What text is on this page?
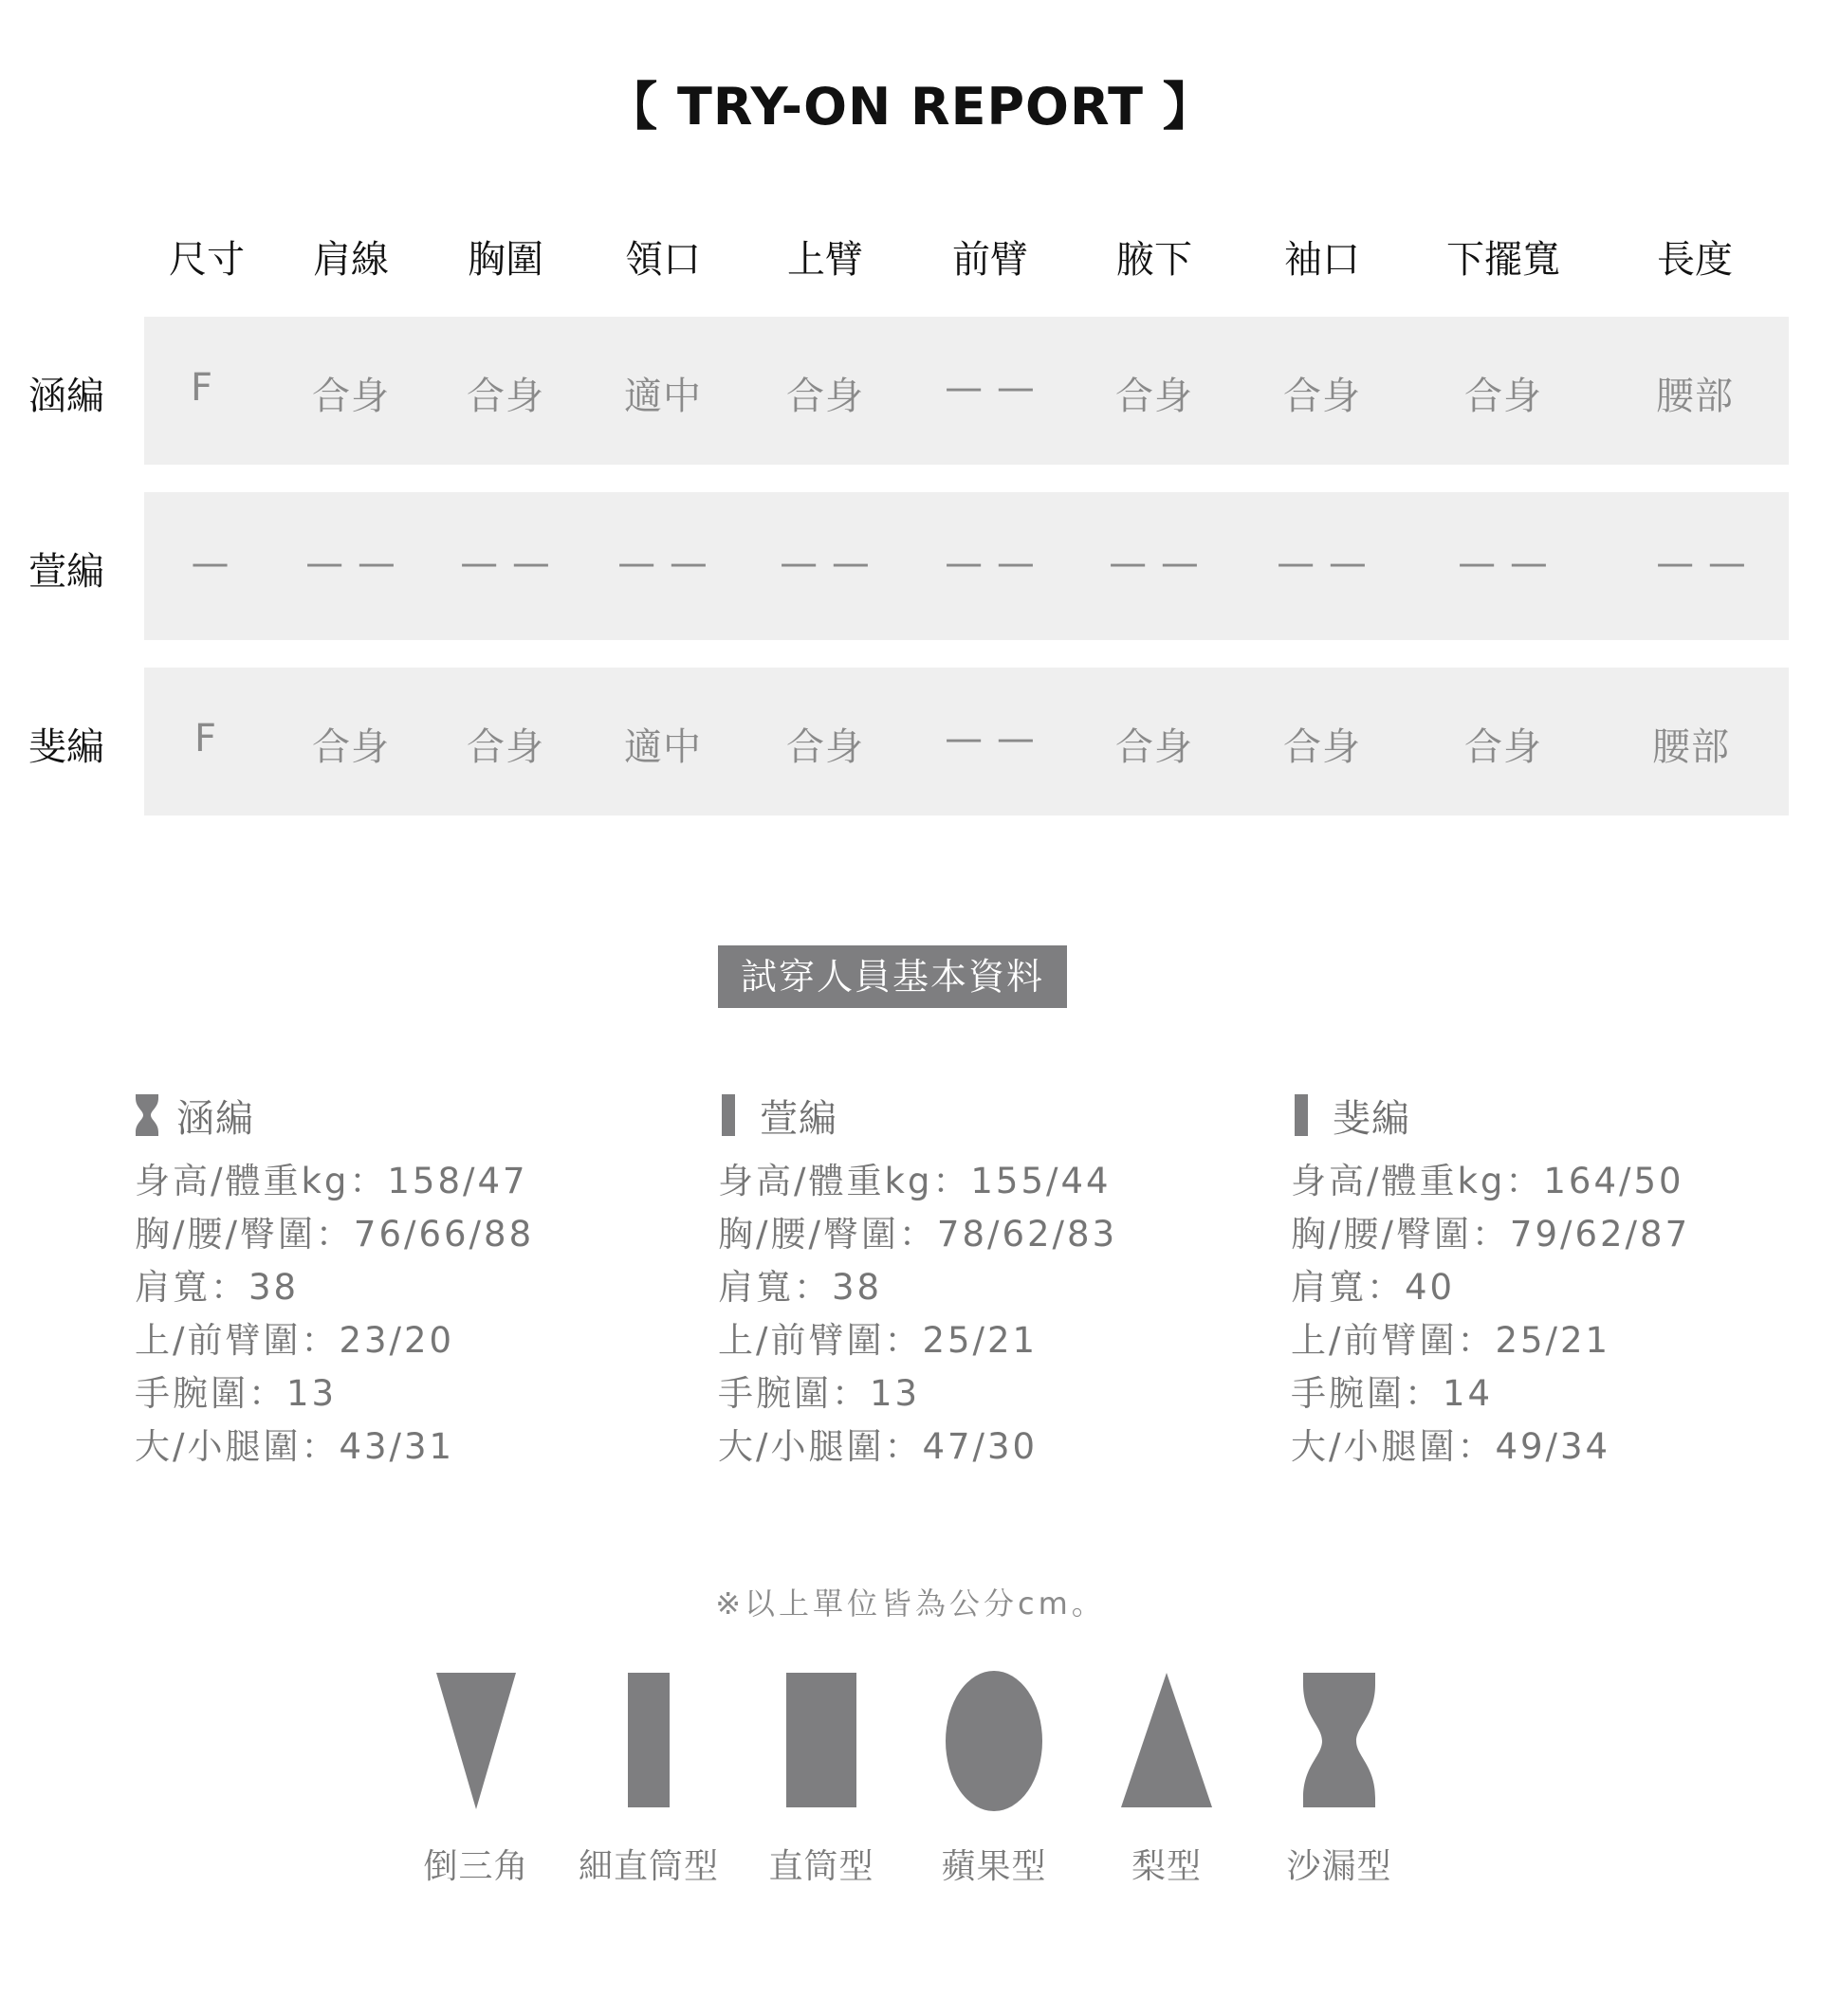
【 TRY-ON REPORT 】
尺寸	肩線	胸圍	領口	上臂	前臂	腋下	袖口	下擺寬	長度
涵編	F	合身	合身	適中	合身	— —	合身	合身	合身	腰部
萱編	—	— —	— —	— —	— —	— —	— —	— —	— —	— —
斐編	F	合身	合身	適中	合身	— —	合身	合身	合身	腰部
試穿人員基本資料
涵編
身高/體重kg：158/47
胸/腰/臀圍：76/66/88
肩寬：38
上/前臂圍：23/20
手腕圍：13
大/小腿圍：43/31
萱編
身高/體重kg：155/44
胸/腰/臀圍：78/62/83
肩寬：38
上/前臂圍：25/21
手腕圍：13
大/小腿圍：47/30
斐編
身高/體重kg：164/50
胸/腰/臀圍：79/62/87
肩寬：40
上/前臂圍：25/21
手腕圍：14
大/小腿圍：49/34
※以上單位皆為公分cm。
倒三角	細直筒型	直筒型	蘋果型	梨型	沙漏型
